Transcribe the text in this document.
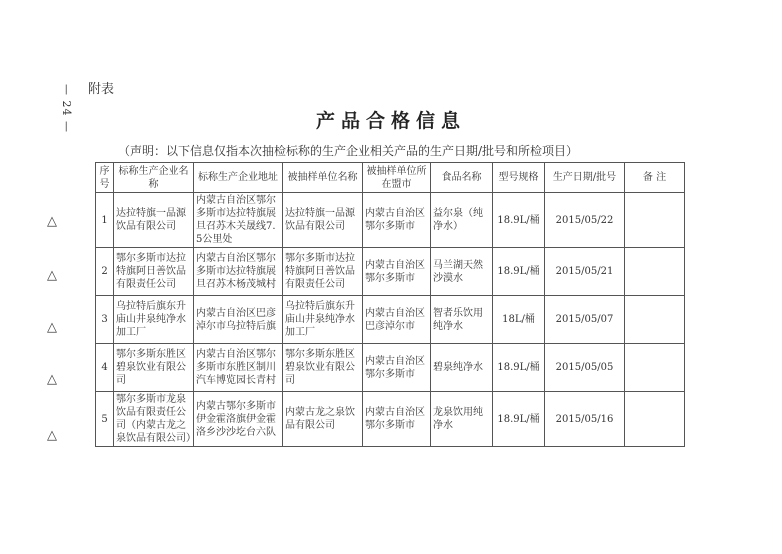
— 24 — 附表
产品合格信息
（声明：以下信息仅指本次抽检标称的生产企业相关产品的生产日期/批号和所检项目）
序号	标称生产企业名称	标称生产企业地址	被抽样单位名称	被抽样单位所在盟市	食品名称	型号规格	生产日期/批号	备 注
1	达拉特旗一品源饮品有限公司	内蒙古自治区鄂尔多斯市达拉特旗展旦召苏木关晟线7.5公里处	达拉特旗一品源饮品有限公司	内蒙古自治区鄂尔多斯市	益尔泉（纯净水）	18.9L/桶	2015/05/22	
2	鄂尔多斯市达拉特旗阿日善饮品有限责任公司	内蒙古自治区鄂尔多斯市达拉特旗展旦召苏木杨茂城村	鄂尔多斯市达拉特旗阿日善饮品有限责任公司	内蒙古自治区鄂尔多斯市	马兰湖天然沙漠水	18.9L/桶	2015/05/21	
3	乌拉特后旗东升庙山井泉纯净水加工厂	内蒙古自治区巴彦淖尔市乌拉特后旗	乌拉特后旗东升庙山井泉纯净水加工厂	内蒙古自治区巴彦淖尔市	智者乐饮用纯净水	18L/桶	2015/05/07	
4	鄂尔多斯东胜区碧泉饮业有限公司	内蒙古自治区鄂尔多斯市东胜区制川汽车博览园长青村	鄂尔多斯东胜区碧泉饮业有限公司	内蒙古自治区鄂尔多斯市	碧泉纯净水	18.9L/桶	2015/05/05	
5	鄂尔多斯市龙泉饮品有限责任公司（内蒙古龙之泉饮品有限公司）	内蒙古鄂尔多斯市伊金霍洛旗伊金霍洛乡沙沙圪台六队	内蒙古龙之泉饮品有限公司	内蒙古自治区鄂尔多斯市	龙泉饮用纯净水	18.9L/桶	2015/05/16	
△
△
△
△
△
